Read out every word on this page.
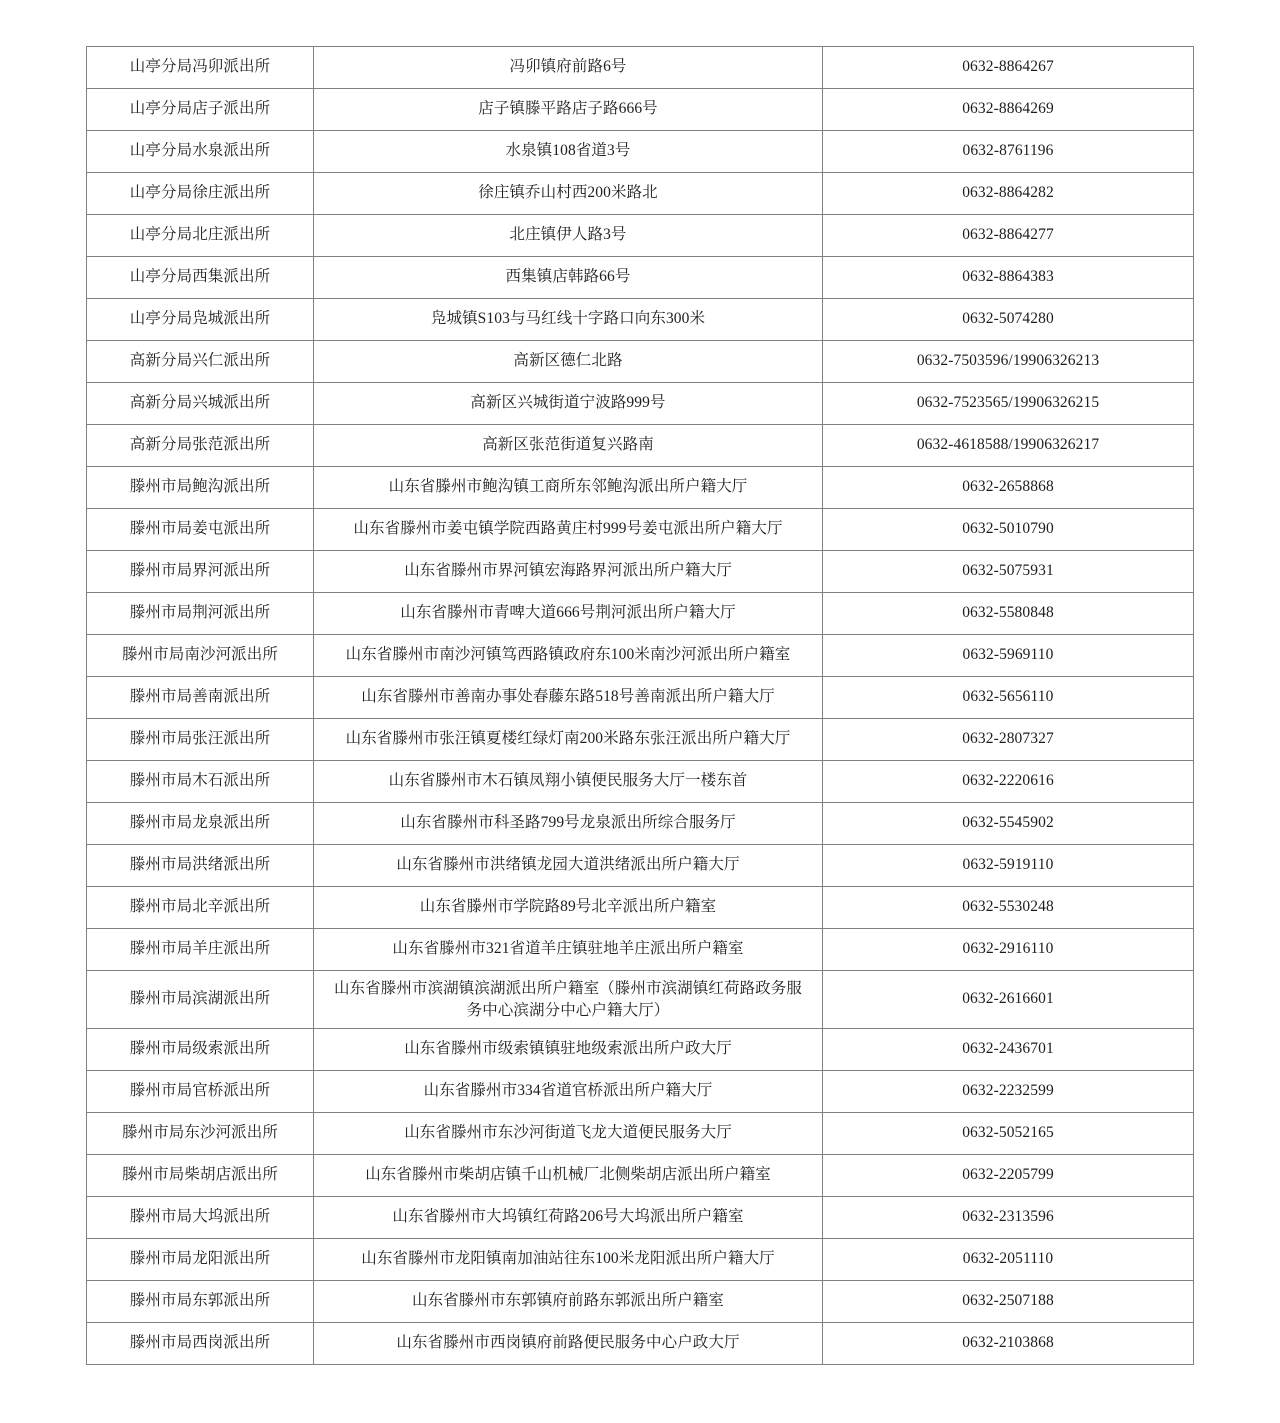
山亭分局冯卯派出所	冯卯镇府前路6号	0632-8864267
山亭分局店子派出所	店子镇滕平路店子路666号	0632-8864269
山亭分局水泉派出所	水泉镇108省道3号	0632-8761196
山亭分局徐庄派出所	徐庄镇乔山村西200米路北	0632-8864282
山亭分局北庄派出所	北庄镇伊人路3号	0632-8864277
山亭分局西集派出所	西集镇店韩路66号	0632-8864383
山亭分局凫城派出所	凫城镇S103与马红线十字路口向东300米	0632-5074280
高新分局兴仁派出所	高新区德仁北路	0632-7503596/19906326213
高新分局兴城派出所	高新区兴城街道宁波路999号	0632-7523565/19906326215
高新分局张范派出所	高新区张范街道复兴路南	0632-4618588/19906326217
滕州市局鲍沟派出所	山东省滕州市鲍沟镇工商所东邻鲍沟派出所户籍大厅	0632-2658868
滕州市局姜屯派出所	山东省滕州市姜屯镇学院西路黄庄村999号姜屯派出所户籍大厅	0632-5010790
滕州市局界河派出所	山东省滕州市界河镇宏海路界河派出所户籍大厅	0632-5075931
滕州市局荆河派出所	山东省滕州市青啤大道666号荆河派出所户籍大厅	0632-5580848
滕州市局南沙河派出所	山东省滕州市南沙河镇笃西路镇政府东100米南沙河派出所户籍室	0632-5969110
滕州市局善南派出所	山东省滕州市善南办事处春藤东路518号善南派出所户籍大厅	0632-5656110
滕州市局张汪派出所	山东省滕州市张汪镇夏楼红绿灯南200米路东张汪派出所户籍大厅	0632-2807327
滕州市局木石派出所	山东省滕州市木石镇凤翔小镇便民服务大厅一楼东首	0632-2220616
滕州市局龙泉派出所	山东省滕州市科圣路799号龙泉派出所综合服务厅	0632-5545902
滕州市局洪绪派出所	山东省滕州市洪绪镇龙园大道洪绪派出所户籍大厅	0632-5919110
滕州市局北辛派出所	山东省滕州市学院路89号北辛派出所户籍室	0632-5530248
滕州市局羊庄派出所	山东省滕州市321省道羊庄镇驻地羊庄派出所户籍室	0632-2916110
滕州市局滨湖派出所	山东省滕州市滨湖镇滨湖派出所户籍室（滕州市滨湖镇红荷路政务服务中心滨湖分中心户籍大厅）	0632-2616601
滕州市局级索派出所	山东省滕州市级索镇镇驻地级索派出所户政大厅	0632-2436701
滕州市局官桥派出所	山东省滕州市334省道官桥派出所户籍大厅	0632-2232599
滕州市局东沙河派出所	山东省滕州市东沙河街道飞龙大道便民服务大厅	0632-5052165
滕州市局柴胡店派出所	山东省滕州市柴胡店镇千山机械厂北侧柴胡店派出所户籍室	0632-2205799
滕州市局大坞派出所	山东省滕州市大坞镇红荷路206号大坞派出所户籍室	0632-2313596
滕州市局龙阳派出所	山东省滕州市龙阳镇南加油站往东100米龙阳派出所户籍大厅	0632-2051110
滕州市局东郭派出所	山东省滕州市东郭镇府前路东郭派出所户籍室	0632-2507188
滕州市局西岗派出所	山东省滕州市西岗镇府前路便民服务中心户政大厅	0632-2103868
